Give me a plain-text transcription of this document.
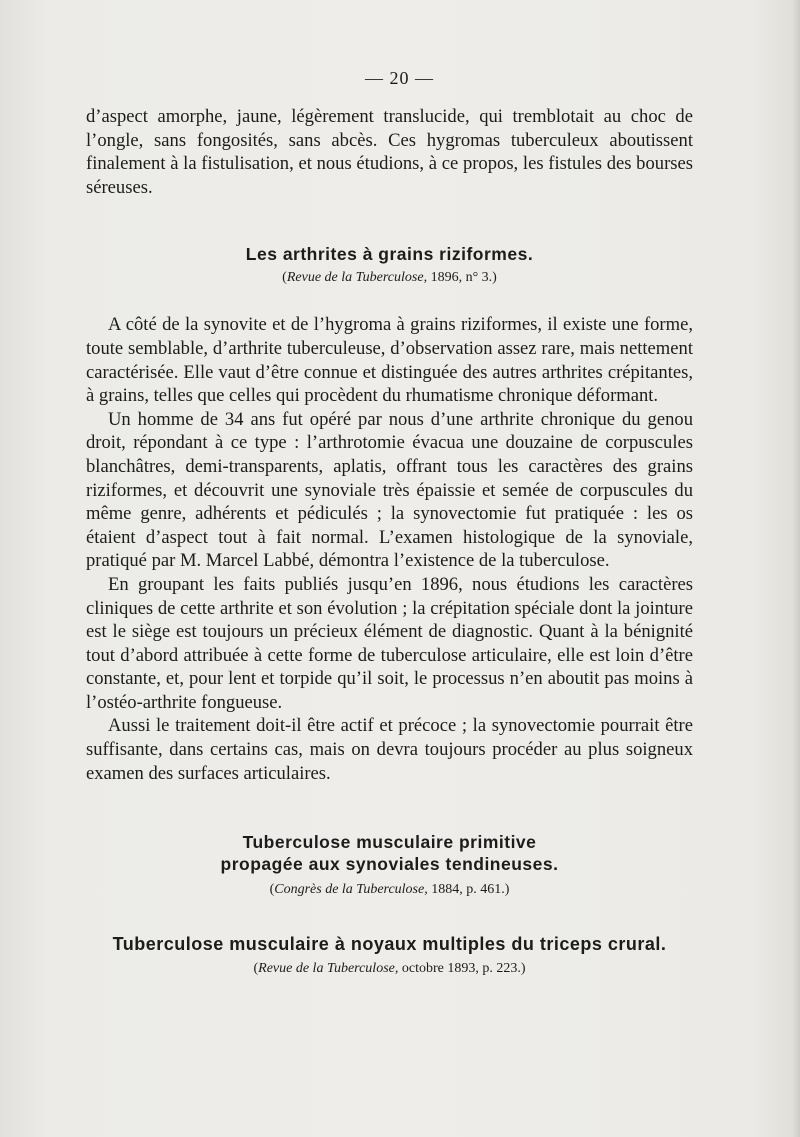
— 20 —

d’aspect amorphe, jaune, légèrement translucide, qui tremblotait au choc de l’ongle, sans fongosités, sans abcès. Ces hygromas tuberculeux aboutissent finalement à la fistulisation, et nous étudions, à ce propos, les fistules des bourses séreuses.

Les arthrites à grains riziformes.
(Revue de la Tuberculose, 1896, n° 3.)

A côté de la synovite et de l’hygroma à grains riziformes, il existe une forme, toute semblable, d’arthrite tuberculeuse, d’observation assez rare, mais nettement caractérisée. Elle vaut d’être connue et distinguée des autres arthrites crépitantes, à grains, telles que celles qui procèdent du rhumatisme chronique déformant.

Un homme de 34 ans fut opéré par nous d’une arthrite chronique du genou droit, répondant à ce type : l’arthrotomie évacua une douzaine de corpuscules blanchâtres, demi-transparents, aplatis, offrant tous les caractères des grains riziformes, et découvrit une synoviale très épaissie et semée de corpuscules du même genre, adhérents et pédiculés ; la synovectomie fut pratiquée : les os étaient d’aspect tout à fait normal. L’examen histologique de la synoviale, pratiqué par M. Marcel Labbé, démontra l’existence de la tuberculose.

En groupant les faits publiés jusqu’en 1896, nous étudions les caractères cliniques de cette arthrite et son évolution ; la crépitation spéciale dont la jointure est le siège est toujours un précieux élément de diagnostic. Quant à la bénignité tout d’abord attribuée à cette forme de tuberculose articulaire, elle est loin d’être constante, et, pour lent et torpide qu’il soit, le processus n’en aboutit pas moins à l’ostéo-arthrite fongueuse.

Aussi le traitement doit-il être actif et précoce ; la synovectomie pourrait être suffisante, dans certains cas, mais on devra toujours procéder au plus soigneux examen des surfaces articulaires.

Tuberculose musculaire primitive
propagée aux synoviales tendineuses.
(Congrès de la Tuberculose, 1884, p. 461.)
Tuberculose musculaire à noyaux multiples du triceps crural.
(Revue de la Tuberculose, octobre 1893, p. 223.)
